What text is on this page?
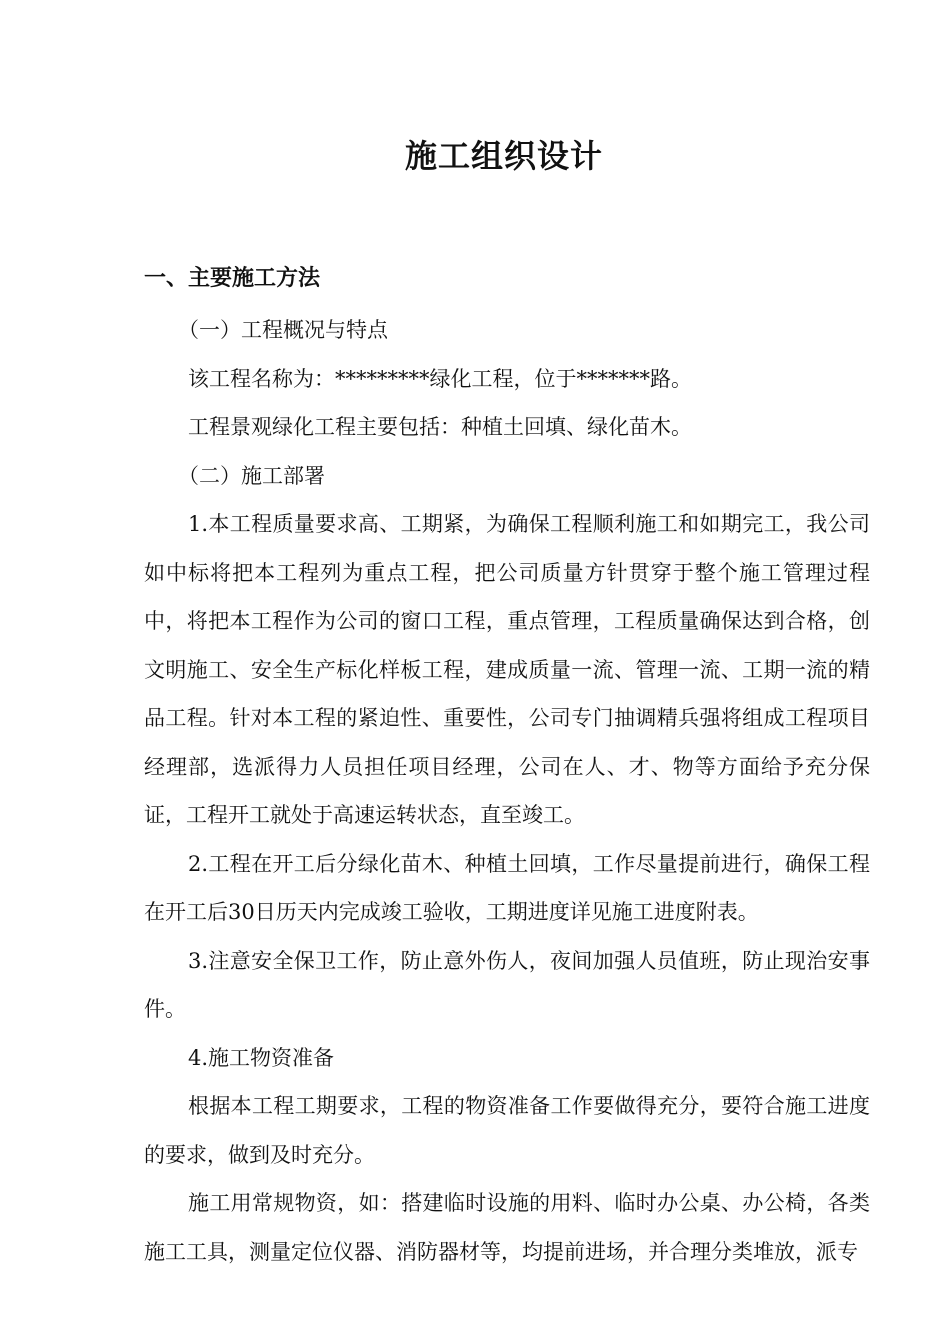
施工组织设计
一、主要施工方法

（一）工程概况与特点

该工程名称为：*********绿化工程，位于*******路。

工程景观绿化工程主要包括：种植土回填、绿化苗木。

（二）施工部署

1.本工程质量要求高、工期紧，为确保工程顺利施工和如期完工，我公司如中标将把本工程列为重点工程，把公司质量方针贯穿于整个施工管理过程中，将把本工程作为公司的窗口工程，重点管理，工程质量确保达到合格，创文明施工、安全生产标化样板工程，建成质量一流、管理一流、工期一流的精品工程。针对本工程的紧迫性、重要性，公司专门抽调精兵强将组成工程项目经理部，选派得力人员担任项目经理，公司在人、才、物等方面给予充分保证，工程开工就处于高速运转状态，直至竣工。

2.工程在开工后分绿化苗木、种植土回填，工作尽量提前进行，确保工程在开工后30日历天内完成竣工验收，工期进度详见施工进度附表。

3.注意安全保卫工作，防止意外伤人，夜间加强人员值班，防止现治安事件。

4.施工物资准备

根据本工程工期要求，工程的物资准备工作要做得充分，要符合施工进度的要求，做到及时充分。

施工用常规物资，如：搭建临时设施的用料、临时办公桌、办公椅，各类施工工具，测量定位仪器、消防器材等，均提前进场，并合理分类堆放，派专
